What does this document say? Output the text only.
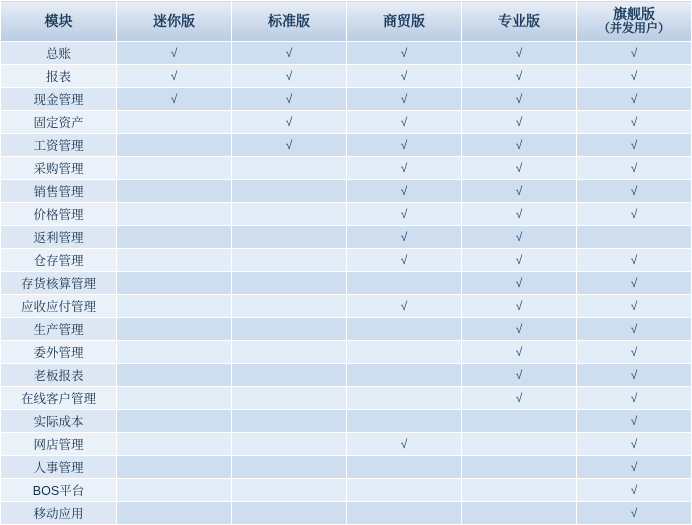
模块	迷你版	标准版	商贸版	专业版	旗舰版
（并发用户）

总账	√	√	√	√	√
报表	√	√	√	√	√
现金管理	√	√	√	√	√
固定资产		√	√	√	√
工资管理		√	√	√	√
采购管理			√	√	√
销售管理			√	√	√
价格管理			√	√	√
返利管理			√	√	
仓存管理			√	√	√
存货核算管理				√	√
应收应付管理			√	√	√
生产管理				√	√
委外管理				√	√
老板报表				√	√
在线客户管理				√	√
实际成本					√
网店管理			√		√
人事管理					√
BOS平台					√
移动应用					√
